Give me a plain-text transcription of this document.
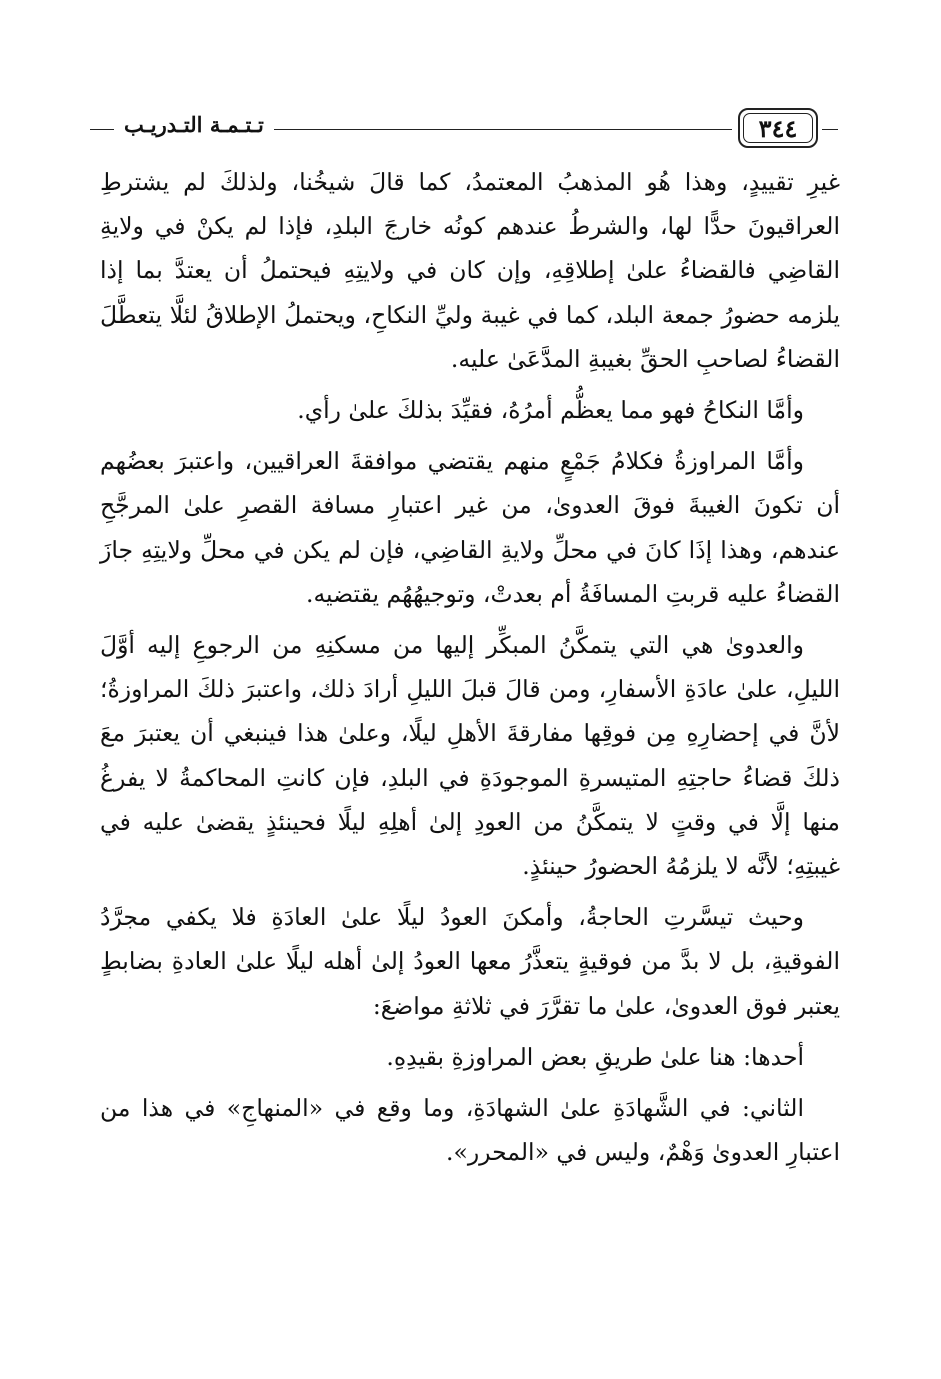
٣٤٤
تـتـمـة التـدريـب

غيرِ تقييدٍ، وهذا هُو المذهبُ المعتمدُ، كما قالَ شيخُنا، ولذلكَ لم يشترطِ العراقيونَ حدًّا لها، والشرطُ عندهم كونُه خارجَ البلدِ، فإذا لم يكنْ في ولايةِ القاضِي فالقضاءُ علىٰ إطلاقِهِ، وإن كان في ولايتِهِ فيحتملُ أن يعتدَّ بما إذا يلزمه حضورُ جمعة البلد، كما في غيبة وليِّ النكاحِ، ويحتملُ الإطلاقُ لئلَّا يتعطَّلَ القضاءُ لصاحبِ الحقِّ بغيبةِ المدَّعَىٰ عليه.

وأمَّا النكاحُ فهو مما يعظُّم أمرُهُ، فقيِّدَ بذلكَ علىٰ رأي.

وأمَّا المراوزةُ فكلامُ جَمْعٍ منهم يقتضي موافقةَ العراقيين، واعتبرَ بعضُهم أن تكونَ الغيبةَ فوقَ العدوىٰ، من غير اعتبارِ مسافة القصرِ علىٰ المرجَّحِ عندهم، وهذا إذَا كانَ في محلِّ ولايةِ القاضِي، فإن لم يكن في محلِّ ولايتِهِ جازَ القضاءُ عليه قربتِ المسافَةُ أم بعدتْ، وتوجيهُهُم يقتضيه.

والعدوىٰ هي التي يتمكَّنُ المبكِّر إليها من مسكنِهِ من الرجوعِ إليه أوَّلَ الليلِ، علىٰ عادَةِ الأسفارِ، ومن قالَ قبلَ الليلِ أرادَ ذلك، واعتبرَ ذلكَ المراوزةُ؛ لأنَّ في إحضارِهِ مِن فوقِها مفارقةَ الأهلِ ليلًا، وعلىٰ هذا فينبغي أن يعتبرَ معَ ذلكَ قضاءُ حاجتِهِ المتيسرةِ الموجودَةِ في البلدِ، فإن كانتِ المحاكمةُ لا يفرغُ منها إلَّا في وقتٍ لا يتمكَّنُ من العودِ إلىٰ أهلِهِ ليلًا فحينئذٍ يقضىٰ عليه في غيبتِهِ؛ لأنَّه لا يلزمُهُ الحضورُ حينئذٍ.

وحيث تيسَّرتِ الحاجةُ، وأمكنَ العودُ ليلًا علىٰ العادَةِ فلا يكفي مجرَّدُ الفوقيةِ، بل لا بدَّ من فوقيةٍ يتعذَّرُ معها العودُ إلىٰ أهله ليلًا علىٰ العادةِ بضابطٍ يعتبر فوق العدوىٰ، علىٰ ما تقرَّرَ في ثلاثةِ مواضعَ:

أحدها: هنا علىٰ طريقِ بعض المراوزةِ بقيدِهِ.

الثاني: في الشَّهادَةِ علىٰ الشهادَةِ، وما وقع في «المنهاجِ» في هذا من اعتبارِ العدوىٰ وَهْمٌ، وليس في «المحرر».
